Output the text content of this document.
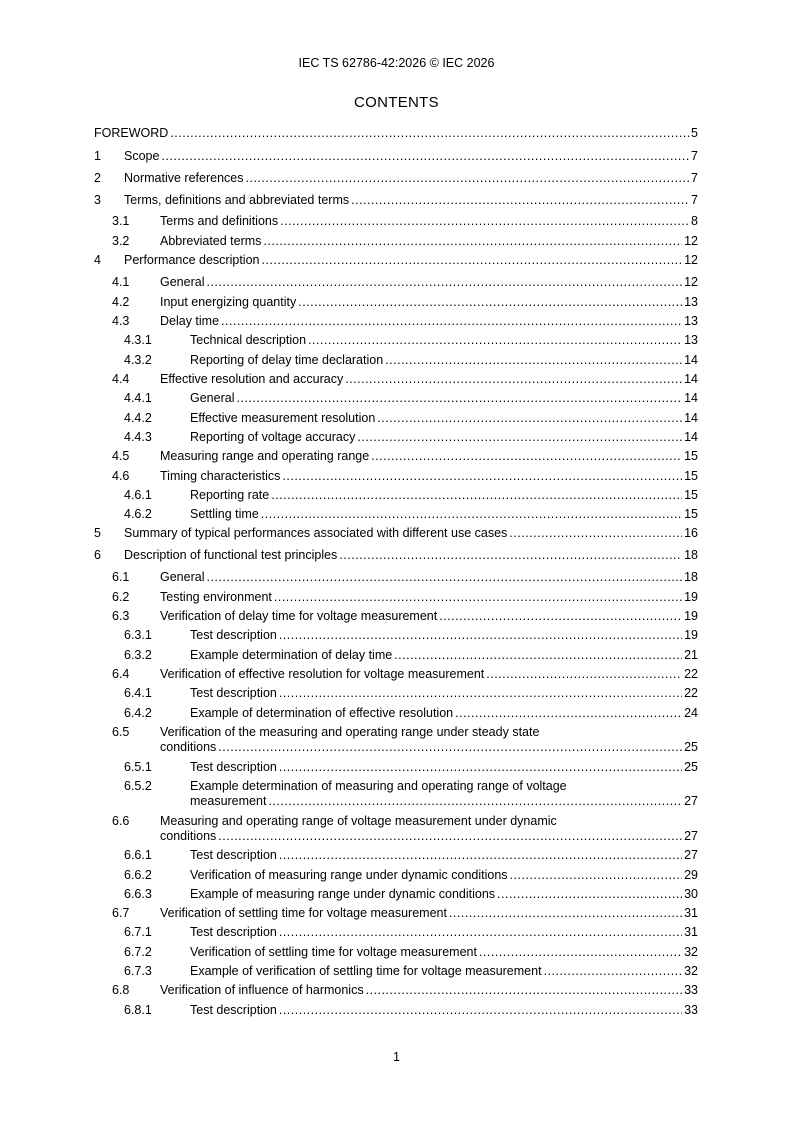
IEC TS 62786-42:2026 © IEC 2026
CONTENTS
FOREWORD .....	5
1 Scope .....	7
2 Normative references .....	7
3 Terms, definitions and abbreviated terms .....	7
3.1 Terms and definitions .....	8
3.2 Abbreviated terms .....	12
4 Performance description .....	12
4.1 General .....	12
4.2 Input energizing quantity .....	13
4.3 Delay time .....	13
4.3.1	Technical description .....	13
4.3.2	Reporting of delay time declaration .....	14
4.4 Effective resolution and accuracy .....	14
4.4.1	General .....	14
4.4.2	Effective measurement resolution .....	14
4.4.3	Reporting of voltage accuracy .....	14
4.5 Measuring range and operating range .....	15
4.6 Timing characteristics .....	15
4.6.1	Reporting rate .....	15
4.6.2	Settling time .....	15
5 Summary of typical performances associated with different use cases .....	16
6 Description of functional test principles .....	18
6.1 General .....	18
6.2 Testing environment .....	19
6.3 Verification of delay time for voltage measurement .....	19
6.3.1	Test description .....	19
6.3.2	Example determination of delay time .....	21
6.4 Verification of effective resolution for voltage measurement .....	22
6.4.1	Test description .....	22
6.4.2	Example of determination of effective resolution .....	24
6.5 Verification of the measuring and operating range under steady state
conditions .....	25
6.5.1	Test description .....	25
6.5.2	Example determination of measuring and operating range of voltage
measurement .....	27
6.6 Measuring and operating range of voltage measurement under dynamic
conditions .....	27
6.6.1	Test description .....	27
6.6.2	Verification of measuring range under dynamic conditions .....	29
6.6.3	Example of measuring range under dynamic conditions .....	30
6.7 Verification of settling time for voltage measurement .....	31
6.7.1	Test description .....	31
6.7.2	Verification of settling time for voltage measurement .....	32
6.7.3	Example of verification of settling time for voltage measurement .....	32
6.8 Verification of influence of harmonics .....	33
6.8.1	Test description .....	33
1
